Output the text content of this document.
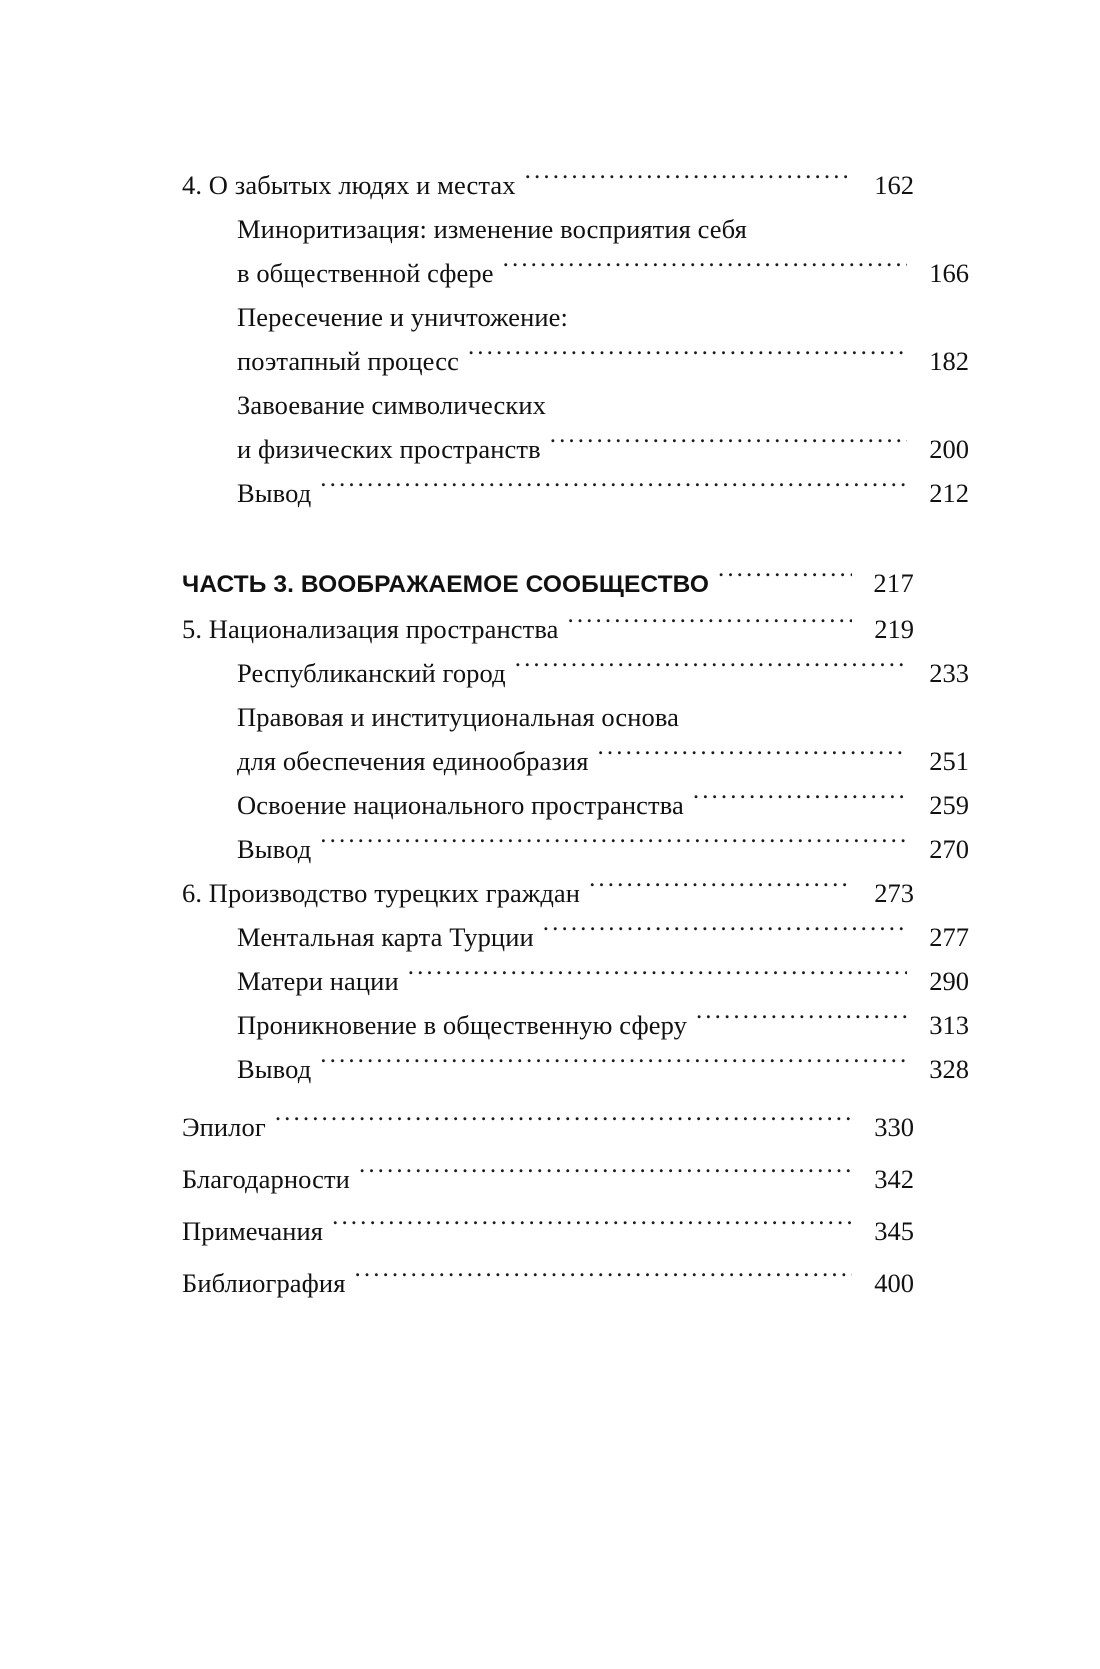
4. О забытых людях и местах .....	162
Миноритизация: изменение восприятия себя
в общественной сфере .....	166
Пересечение и уничтожение:
поэтапный процесс .....	182
Завоевание символических
и физических пространств .....	200
Вывод .....	212
ЧАСТЬ 3. ВООБРАЖАЕМОЕ СООБЩЕСТВО .....	217
5. Национализация пространства .....	219
Республиканский город .....	233
Правовая и институциональная основа
для обеспечения единообразия .....	251
Освоение национального пространства .....	259
Вывод .....	270
6. Производство турецких граждан .....	273
Ментальная карта Турции .....	277
Матери нации .....	290
Проникновение в общественную сферу .....	313
Вывод .....	328
Эпилог .....	330
Благодарности .....	342
Примечания .....	345
Библиография .....	400
